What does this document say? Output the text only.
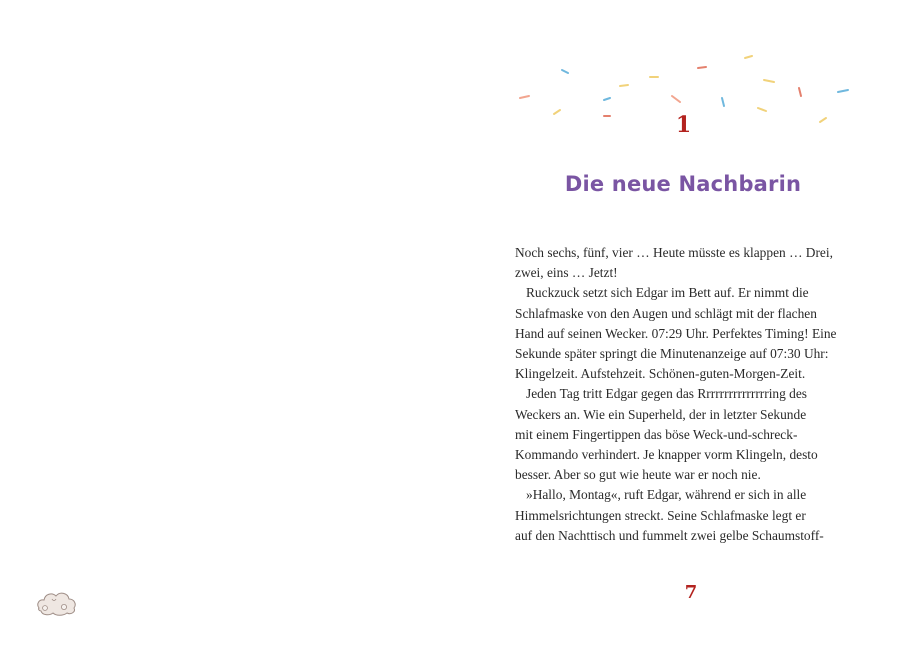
1
Die neue Nachbarin
Noch sechs, fünf, vier … Heute müsste es klappen … Drei,
zwei, eins … Jetzt!
Ruckzuck setzt sich Edgar im Bett auf. Er nimmt die
Schlafmaske von den Augen und schlägt mit der flachen
Hand auf seinen Wecker. 07:29 Uhr. Perfektes Timing! Eine
Sekunde später springt die Minutenanzeige auf 07:30 Uhr:
Klingelzeit. Aufstehzeit. Schönen-guten-Morgen-Zeit.
Jeden Tag tritt Edgar gegen das Rrrrrrrrrrrrrrring des
Weckers an. Wie ein Superheld, der in letzter Sekunde
mit einem Fingertippen das böse Weck-und-schreck-
Kommando verhindert. Je knapper vorm Klingeln, desto
besser. Aber so gut wie heute war er noch nie.
»Hallo, Montag«, ruft Edgar, während er sich in alle
Himmelsrichtungen streckt. Seine Schlafmaske legt er
auf den Nachttisch und fummelt zwei gelbe Schaumstoff-
7
